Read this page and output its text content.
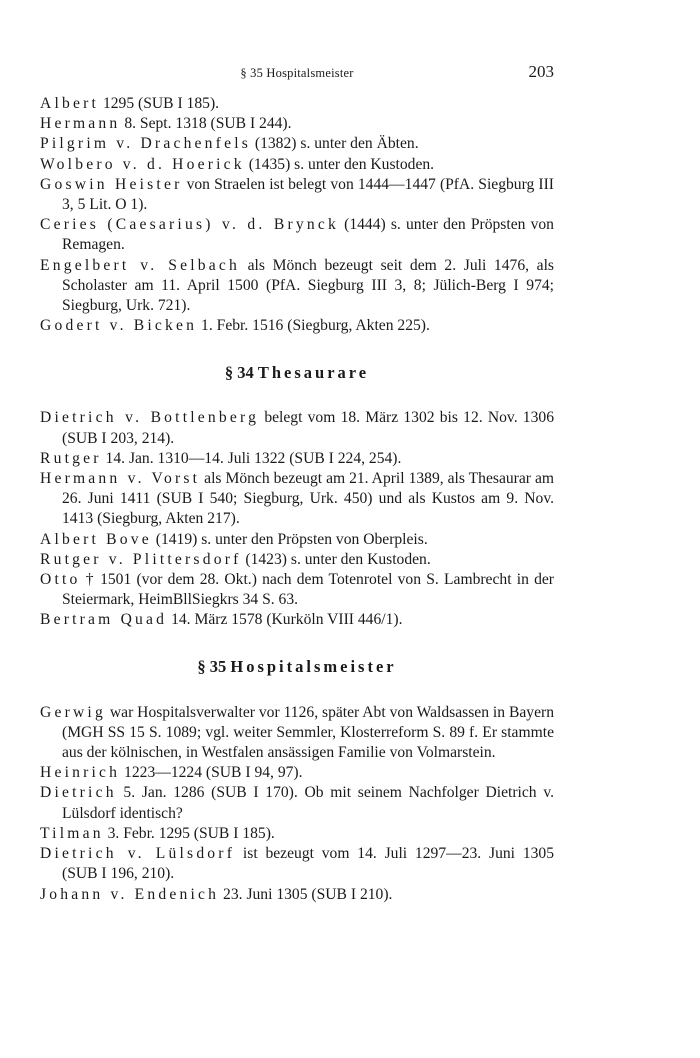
§ 35 Hospitalsmeister	203

Albert 1295 (SUB I 185).

Hermann 8. Sept. 1318 (SUB I 244).

Pilgrim v. Drachenfels (1382) s. unter den Äbten.

Wolbero v. d. Hoerick (1435) s. unter den Kustoden.

Goswin Heister von Straelen ist belegt von 1444—1447 (PfA. Siegburg III 3, 5 Lit. O 1).

Ceries (Caesarius) v. d. Brynck (1444) s. unter den Pröpsten von Remagen.

Engelbert v. Selbach als Mönch bezeugt seit dem 2. Juli 1476, als Scholaster am 11. April 1500 (PfA. Siegburg III 3, 8; Jülich-Berg I 974; Siegburg, Urk. 721).

Godert v. Bicken 1. Febr. 1516 (Siegburg, Akten 225).

§ 34 Thesaurare

Dietrich v. Bottlenberg belegt vom 18. März 1302 bis 12. Nov. 1306 (SUB I 203, 214).

Rutger 14. Jan. 1310—14. Juli 1322 (SUB I 224, 254).

Hermann v. Vorst als Mönch bezeugt am 21. April 1389, als Thesaurar am 26. Juni 1411 (SUB I 540; Siegburg, Urk. 450) und als Kustos am 9. Nov. 1413 (Siegburg, Akten 217).

Albert Bove (1419) s. unter den Pröpsten von Oberpleis.

Rutger v. Plittersdorf (1423) s. unter den Kustoden.

Otto † 1501 (vor dem 28. Okt.) nach dem Totenrotel von S. Lambrecht in der Steiermark, HeimBllSiegkrs 34 S. 63.

Bertram Quad 14. März 1578 (Kurköln VIII 446/1).

§ 35 Hospitalsmeister

Gerwig war Hospitalsverwalter vor 1126, später Abt von Waldsassen in Bayern (MGH SS 15 S. 1089; vgl. weiter Semmler, Klosterreform S. 89 f. Er stammte aus der kölnischen, in Westfalen ansässigen Familie von Volmarstein.

Heinrich 1223—1224 (SUB I 94, 97).

Dietrich 5. Jan. 1286 (SUB I 170). Ob mit seinem Nachfolger Dietrich v. Lülsdorf identisch?

Tilman 3. Febr. 1295 (SUB I 185).

Dietrich v. Lülsdorf ist bezeugt vom 14. Juli 1297—23. Juni 1305 (SUB I 196, 210).

Johann v. Endenich 23. Juni 1305 (SUB I 210).
